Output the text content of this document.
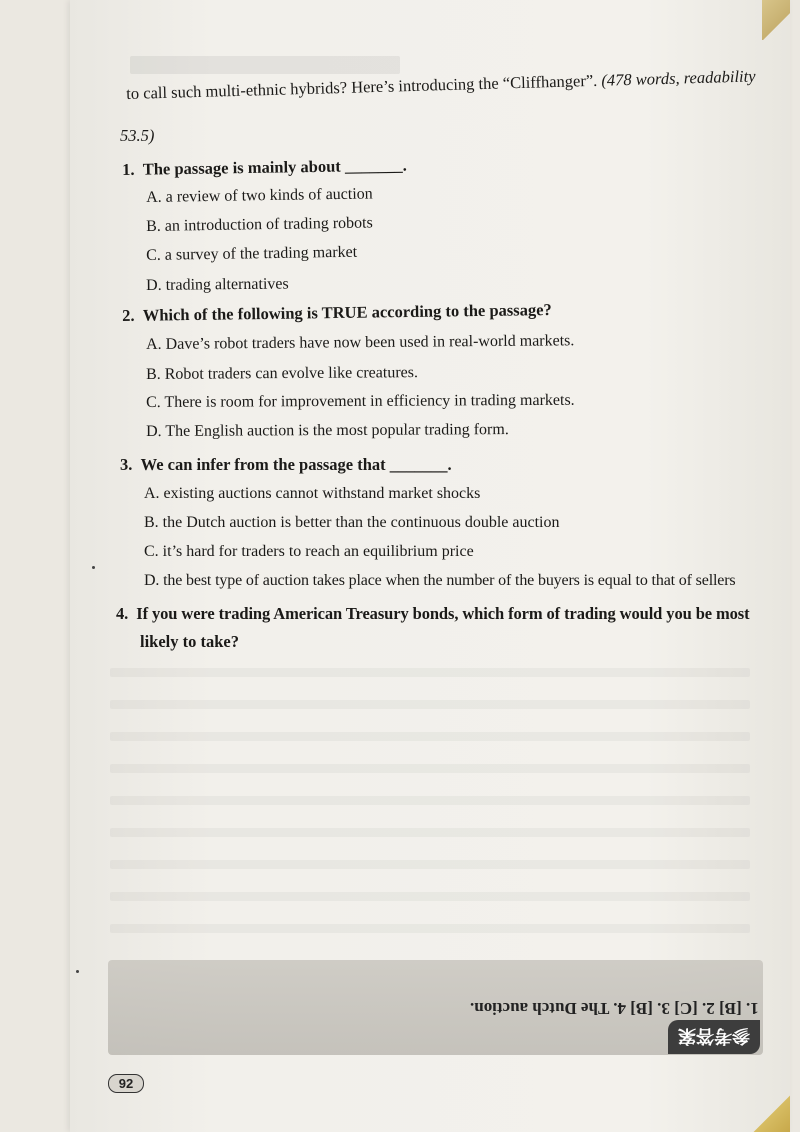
to call such multi-ethnic hybrids? Here’s introducing the “Cliffhanger”. (478 words, readability
53.5)
1. The passage is mainly about _______.
A. a review of two kinds of auction
B. an introduction of trading robots
C. a survey of the trading market
D. trading alternatives
2. Which of the following is TRUE according to the passage?
A. Dave’s robot traders have now been used in real-world markets.
B. Robot traders can evolve like creatures.
C. There is room for improvement in efficiency in trading markets.
D. The English auction is the most popular trading form.
3. We can infer from the passage that _______.
A. existing auctions cannot withstand market shocks
B. the Dutch auction is better than the continuous double auction
C. it’s hard for traders to reach an equilibrium price
D. the best type of auction takes place when the number of the buyers is equal to that of sellers
4. If you were trading American Treasury bonds, which form of trading would you be most
likely to take?
1. [B] 2. [C] 3. [B] 4. The Dutch auction.
参考答案
92
